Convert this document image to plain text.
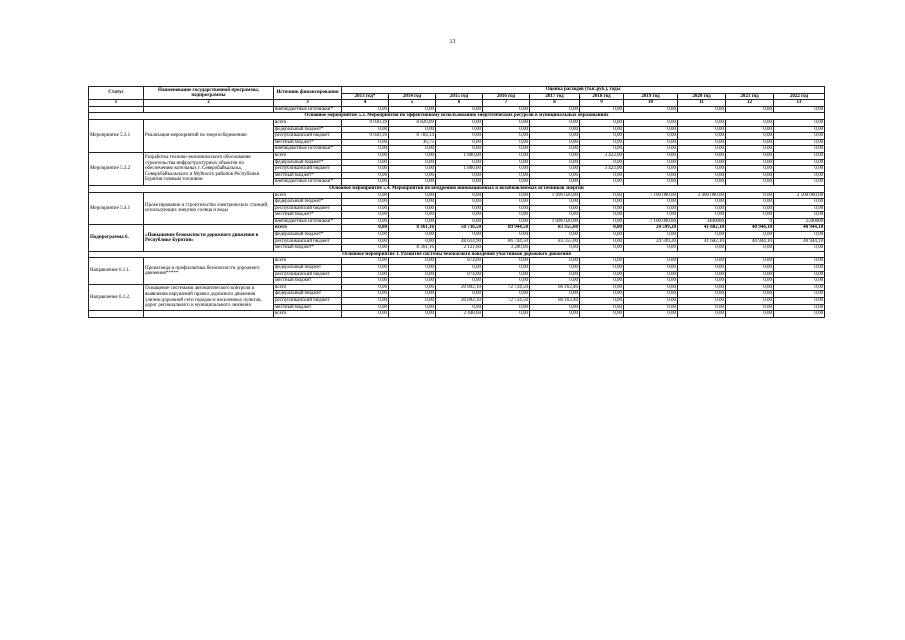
13
Статус	Наименование государственной программы, подпрограммы	Источник финансирования	Оценка расходов (тыс.руб.), годы									
			2013 год*	2014 год	2015 год	2016 год	2017 год	2018 год	2019 год	2020 год	2021 год	2022 год
1	2	3	4	5	6	7	8	9	10	11	12	13
		внебюджетные источники*	0,00	0,00	0,00	0,00	0,00	0,00	0,00	0,00	0,00	0,00
Основное мероприятие 5.3. Мероприятия по эффективному использованию энергетических ресурсов в муниципальных образованиях												
Мероприятие 5.3.1	Реализация мероприятий по энергосбережению	всего	9 030,39	8 820,89	0,00	0,00	0,00	0,00	0,00	0,00	0,00	0,00
		федеральный бюджет*	0,00	0,00	0,00	0,00	0,00	0,00	0,00	0,00	0,00	0,00
		республиканский бюджет	9 030,39	8 784,14	0,00	0,00	0,00	0,00	0,00	0,00	0,00	0,00
		местный бюджет*	0,00	36,75	0,00	0,00	0,00	0,00	0,00	0,00	0,00	0,00
		внебюджетные источники*	0,00	0,00	0,00	0,00	0,00	0,00	0,00	0,00	0,00	0,00
Мероприятие 5.3.2	Разработка технико-экономического обоснования строительства инфраструктурных объектов по обеспечению котельных г. Северобайкальска, Северобайкальского и Муйского районов Республики Бурятия газовым топливом	всего	0,00	0,00	1 800,00	0,00	0,00	3 423,00	0,00	0,00	0,00	0,00
		федеральный бюджет*	0,00	0,00	0,00	0,00	0,00	0,00	0,00	0,00	0,00	0,00
		республиканский бюджет	0,00	0,00	1 800,00	0,00	0,00	3 423,00	0,00	0,00	0,00	0,00
		местный бюджет*	0,00	0,00	0,00	0,00	0,00	0,00	0,00	0,00	0,00	0,00
		внебюджетные источники*	0,00	0,00	0,00	0,00	0,00	0,00	0,00	0,00	0,00	0,00
Основное мероприятие 5.4. Мероприятия по внедрению инновационных и возобновляемых источников энергии												
Мероприятие 5.4.1	Проектирование и строительство электрических станций, использующих энергию солнца и воды	всего	0,00	0,00	0,00	0,00	1 096 020,00	0,00	7 100 000,00	3 400 000,00	0,00	2 500 000,00
		федеральный бюджет*	0,00	0,00	0,00	0,00	0,00	0,00	0,00	0,00	0,00	0,00
		республиканский бюджет	0,00	0,00	0,00	0,00	0,00	0,00	0,00	0,00	0,00	0,00
		местный бюджет*	0,00	0,00	0,00	0,00	0,00	0,00	0,00	0,00	0,00	0,00
		внебюджетные источники*	0,00	0,00	0,00	0,00	1 096 020,00	0,00	7 100 000,00	3400000	0	2500000
Подпрограмма 6.	«Повышение безопасности дорожного движения в Республике Бурятия»	всего	0,00	8 361,16	50 736,50	89 944,50	83 355,00	0,00	24 599,20	41 682,10	40 944,10	40 944,10
		федеральный бюджет*	0,00	0,00	0,00	0,00	0,00	0,00	0,00	0,00	0,00	0,00
		республиканский бюджет	0,00	0,00	48 614,90	86 744,50	83 355,00	0,00	24 599,20	41 682,10	40 944,10	40 944,10
		местный бюджет*	0,00	8 361,16	2 121,60	3 200,00	0,00	0,00	0,00	0,00	0,00	0,00
Основное мероприятие 1. Развитие системы безопасного поведения участников дорожного движения												
Направление 6.1.1.	Пропаганда и профилактика безопасности дорожного движения*****	всего	0,00	0,00	874,00	0,00	0,00	0,00	0,00	0,00	0,00	0,00
		федеральный бюджет	0,00	0,00	0,00	0,00	0,00	0,00	0,00	0,00	0,00	0,00
		республиканский бюджет	0,00	0,00	874,00	0,00	0,00	0,00	0,00	0,00	0,00	0,00
		местный бюджет	0,00	0,00	0,00	0,00	0,00	0,00	0,00	0,00	0,00	0,00
Направление 6.1.2.	Оснащение системами автоматического контроля и выявления нарушений правил дорожного движения улично-дорожной сети городов и населенных пунктов, дорог регионального и муниципального значения	всего	0,00	0,00	20 892,10	72 734,50	66 163,40	0,00	0,00	0,00	0,00	0,00
		федеральный бюджет	0,00	0,00	0,00	0,00	0,00	0,00	0,00	0,00	0,00	0,00
		республиканский бюджет	0,00	0,00	20 892,10	72 734,50	66 163,40	0,00	0,00	0,00	0,00	0,00
		местный бюджет	0,00	0,00	0,00	0,00	0,00	0,00	0,00	0,00	0,00	0,00
		всего	0,00	0,00	2 448,60	0,00	0,00	0,00	0,00	0,00	0,00	0,00
